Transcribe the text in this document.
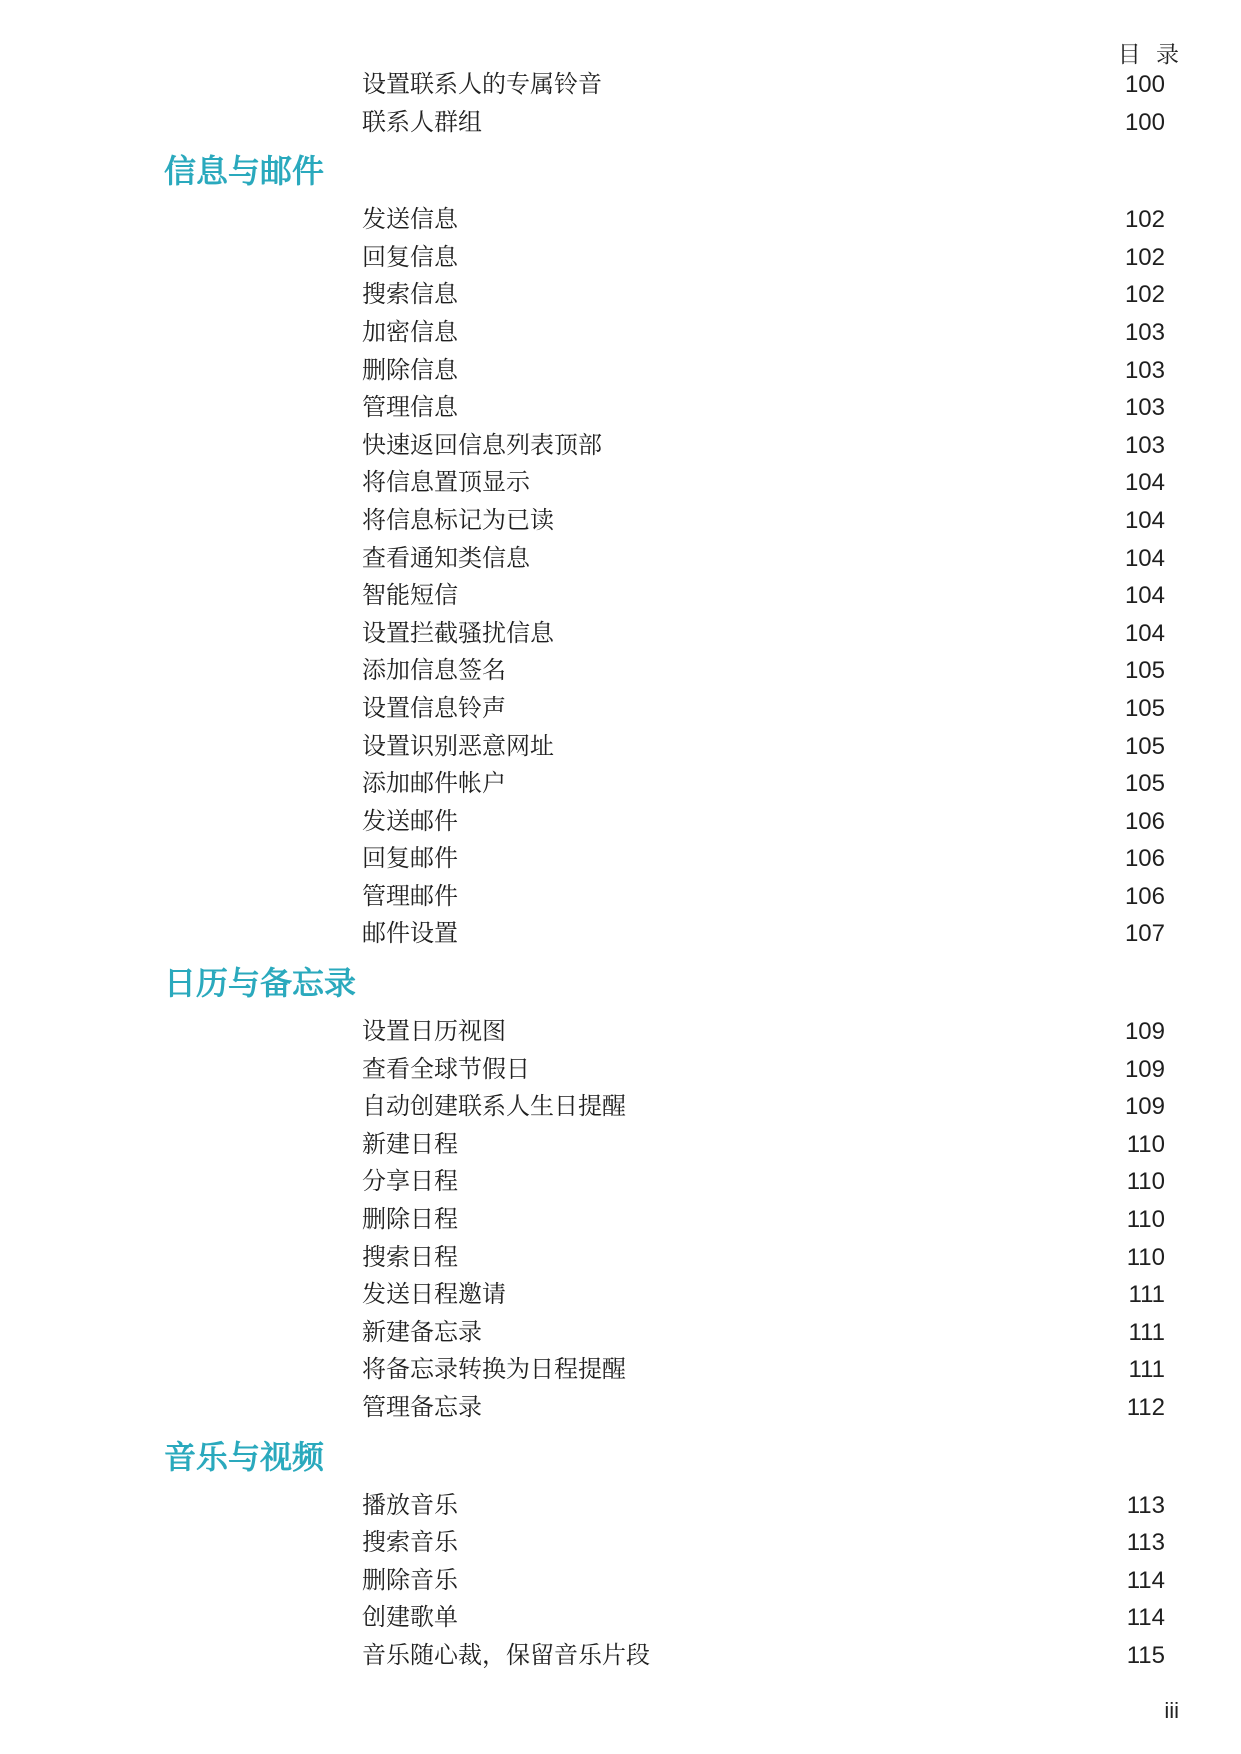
目 录
设置联系人的专属铃音	100
联系人群组	100
信息与邮件
发送信息	102
回复信息	102
搜索信息	102
加密信息	103
删除信息	103
管理信息	103
快速返回信息列表顶部	103
将信息置顶显示	104
将信息标记为已读	104
查看通知类信息	104
智能短信	104
设置拦截骚扰信息	104
添加信息签名	105
设置信息铃声	105
设置识别恶意网址	105
添加邮件帐户	105
发送邮件	106
回复邮件	106
管理邮件	106
邮件设置	107
日历与备忘录
设置日历视图	109
查看全球节假日	109
自动创建联系人生日提醒	109
新建日程	110
分享日程	110
删除日程	110
搜索日程	110
发送日程邀请	111
新建备忘录	111
将备忘录转换为日程提醒	111
管理备忘录	112
音乐与视频
播放音乐	113
搜索音乐	113
删除音乐	114
创建歌单	114
音乐随心裁，保留音乐片段	115
iii
